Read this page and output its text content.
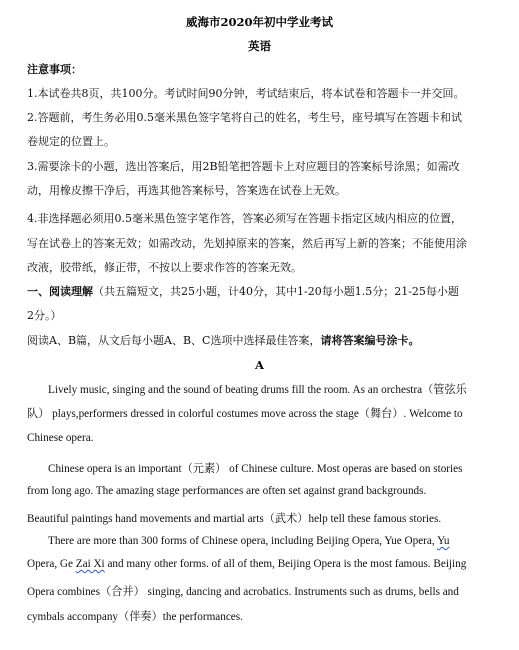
威海市2020年初中学业考试
英语
注意事项：
1.本试卷共8页，共100分。考试时间90分钟，考试结束后，将本试卷和答题卡一并交回。
2.答题前，考生务必用0.5毫米黑色签字笔将自己的姓名，考生号，座号填写在答题卡和试
卷规定的位置上。
3.需要涂卡的小题，选出答案后，用2B铅笔把答题卡上对应题目的答案标号涂黑；如需改
动，用橡皮擦干净后，再选其他答案标号，答案选在试卷上无效。
4.非选择题必须用0.5毫米黑色签字笔作答，答案必须写在答题卡指定区域内相应的位置，
写在试卷上的答案无效；如需改动，先划掉原来的答案，然后再写上新的答案；不能使用涂
改液，胶带纸，修正带，不按以上要求作答的答案无效。
一、阅读理解（共五篇短文，共25小题，计40分，其中1-20每小题1.5分；21-25每小题
2分。）
阅读A、B篇，从文后每小题A、B、C选项中选择最佳答案，请将答案编号涂卡。
A
Lively music, singing and the sound of beating drums fill the room. As an orchestra（管弦乐
队） plays,performers dressed in colorful costumes move across the stage（舞台）. Welcome to
Chinese opera.
Chinese opera is an important（元素） of Chinese culture. Most operas are based on stories
from long ago. The amazing stage performances are often set against grand backgrounds.
Beautiful paintings hand movements and martial arts（武术）help tell these famous stories.
There are more than 300 forms of Chinese opera, including Beijing Opera, Yue Opera, Yu
Opera, Ge Zai Xi and many other forms. of all of them, Beijing Opera is the most famous. Beijing
Opera combines（合并） singing, dancing and acrobatics. Instruments such as drums, bells and
cymbals accompany（伴奏）the performances.
